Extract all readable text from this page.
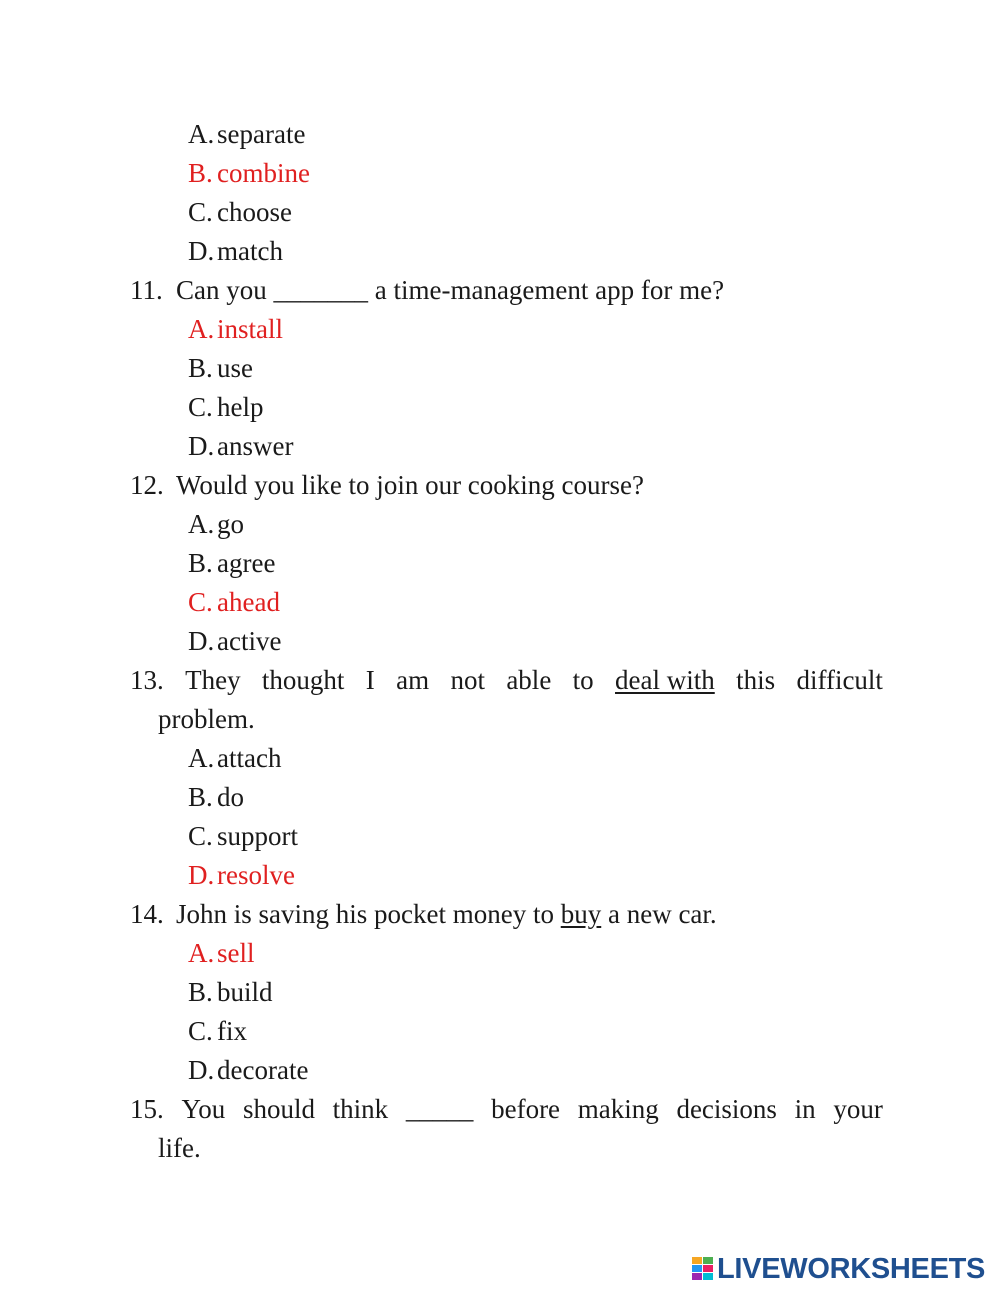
A. separate
B. combine
C. choose
D. match
11. Can you _______ a time-management app for me?
A. install
B. use
C. help
D. answer
12. Would you like to join our cooking course?
A. go
B. agree
C. ahead
D. active
13. They thought I am not able to deal with this difficult
problem.
A. attach
B. do
C. support
D. resolve
14. John is saving his pocket money to buy a new car.
A. sell
B. build
C. fix
D. decorate
15. You should think _____ before making decisions in your
life.
LIVEWORKSHEETS
